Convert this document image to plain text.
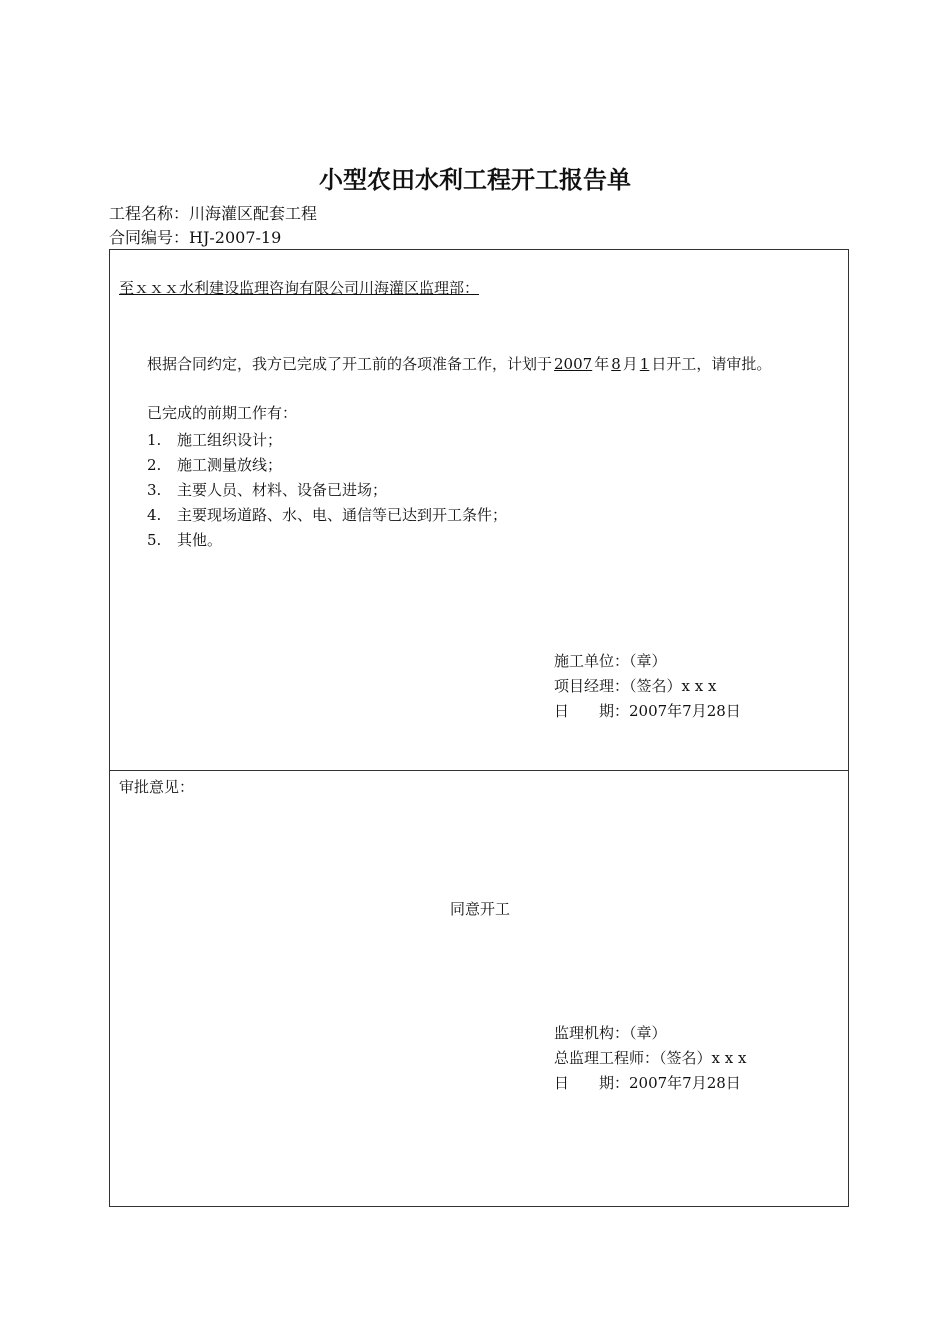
小型农田水利工程开工报告单
工程名称：川海灌区配套工程
合同编号：HJ-2007-19
至ｘｘｘ水利建设监理咨询有限公司川海灌区监理部：
根据合同约定，我方已完成了开工前的各项准备工作，计划于 2007 年 8 月 1 日开工，请审批。
已完成的前期工作有：
1. 施工组织设计；
2. 施工测量放线；
3. 主要人员、材料、设备已进场；
4. 主要现场道路、水、电、通信等已达到开工条件；
5. 其他。
施工单位：（章）
项目经理：（签名）x x x
日　　期：2007年7月28日
审批意见：
同意开工
监理机构：（章）
总监理工程师：（签名）x x x
日　　期：2007年7月28日
